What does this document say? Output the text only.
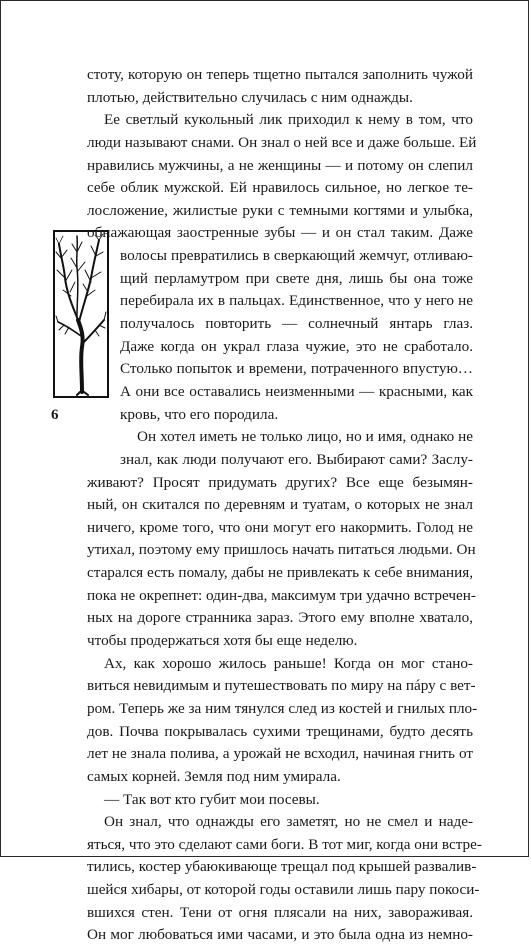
6
стоту, которую он теперь тщетно пытался заполнить чужой
плотью, действительно случилась с ним однажды.
Ее светлый кукольный лик приходил к нему в том, что
люди называют снами. Он знал о ней все и даже больше. Ей
нравились мужчины, а не женщины — и потому он слепил
себе облик мужской. Ей нравилось сильное, но легкое те-
лосложение, жилистые руки с темными когтями и улыбка,
обнажающая заостренные зубы — и он стал таким. Даже
волосы превратились в сверкающий жемчуг, отливаю-
щий перламутром при свете дня, лишь бы она тоже
перебирала их в пальцах. Единственное, что у него не
получалось повторить — солнечный янтарь глаз.
Даже когда он украл глаза чужие, это не сработало.
Столько попыток и времени, потраченного впустую…
А они все оставались неизменными — красными, как
кровь, что его породила.
Он хотел иметь не только лицо, но и имя, однако не
знал, как люди получают его. Выбирают сами? Заслу-
живают? Просят придумать других? Все еще безымян-
ный, он скитался по деревням и туатам, о которых не знал
ничего, кроме того, что они могут его накормить. Голод не
утихал, поэтому ему пришлось начать питаться людьми. Он
старался есть помалу, дабы не привлекать к себе внимания,
пока не окрепнет: один-два, максимум три удачно встречен-
ных на дороге странника зараз. Этого ему вполне хватало,
чтобы продержаться хотя бы еще неделю.
Ах, как хорошо жилось раньше! Когда он мог стано-
виться невидимым и путешествовать по миру на пáру с вет-
ром. Теперь же за ним тянулся след из костей и гнилых пло-
дов. Почва покрывалась сухими трещинами, будто десять
лет не знала полива, а урожай не всходил, начиная гнить от
самых корней. Земля под ним умирала.
— Так вот кто губит мои посевы.
Он знал, что однажды его заметят, но не смел и наде-
яться, что это сделают сами боги. В тот миг, когда они встре-
тились, костер убаюкивающе трещал под крышей развалив-
шейся хибары, от которой годы оставили лишь пару покоси-
вшихся стен. Тени от огня плясали на них, завораживая.
Он мог любоваться ими часами, и это была одна из немно-
